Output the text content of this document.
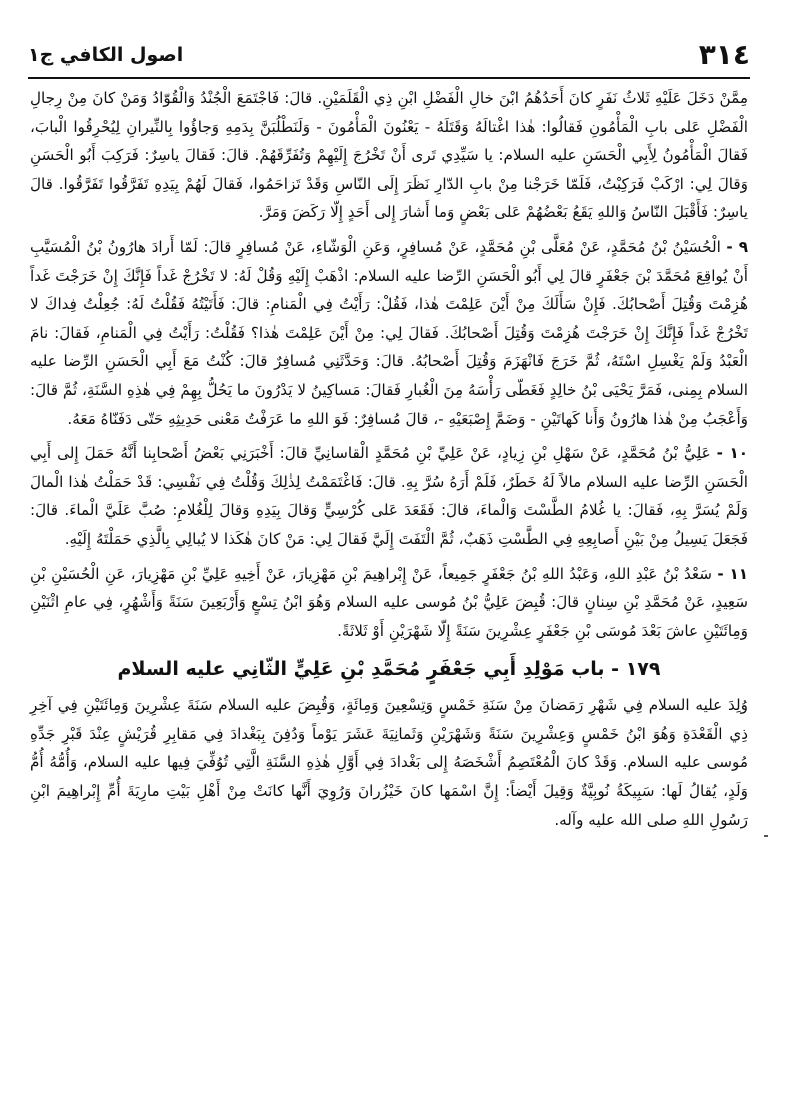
٣١٤
اصول الكافي ج١

مِمَّنْ دَخَلَ عَلَيْهِ ثَلاثُ نَفَرٍ كانَ أَحَدُهُمُ ابْنَ خالِ الْفَضْلِ ابْنِ ذِي الْقَلَمَيْنِ. قالَ: فَاجْتَمَعَ الْجُنْدُ وَالْقُوّادُ وَمَنْ كانَ مِنْ رِجالِ الْفَضْلِ عَلى بابِ الْمَأْمُونِ فَقالُوا: هٰذا اغْتالَهُ وَقَتَلَهُ - يَعْنُونَ الْمَأْمُونَ - وَلَنَطْلُبَنَّ بِدَمِهِ وَجاؤُوا بِالنِّيرانِ لِيُحْرِقُوا الْبابَ، فَقالَ الْمَأْمُونُ لِأَبِي الْحَسَنِ عليه السلام: يا سَيِّدِي تَرى أَنْ تَخْرُجَ إِلَيْهِمْ وَتُفَرِّقَهُمْ. قالَ: فَقالَ ياسِرٌ: فَرَكِبَ أَبُو الْحَسَنِ وَقالَ لِي: ارْكَبْ فَرَكِبْتُ، فَلَمّا خَرَجْنا مِنْ بابِ الدّارِ نَظَرَ إِلَى النّاسِ وَقَدْ تَزاحَمُوا، فَقالَ لَهُمْ بِيَدِهِ تَفَرَّقُوا تَفَرَّقُوا. قالَ ياسِرٌ: فَأَقْبَلَ النّاسُ وَاللهِ يَقَعُ بَعْضُهُمْ عَلى بَعْضٍ وَما أَشارَ إِلى أَحَدٍ إِلّا رَكَضَ وَمَرَّ.

٩ - الْحُسَيْنُ بْنُ مُحَمَّدٍ، عَنْ مُعَلَّى بْنِ مُحَمَّدٍ، عَنْ مُسافِرٍ، وَعَنِ الْوَشّاءِ، عَنْ مُسافِرٍ قالَ: لَمّا أَرادَ هارُونُ بْنُ الْمُسَيَّبِ أَنْ يُواقِعَ مُحَمَّدَ بْنَ جَعْفَرٍ قالَ لِي أَبُو الْحَسَنِ الرِّضا عليه السلام: اذْهَبْ إِلَيْهِ وَقُلْ لَهُ: لا تَخْرُجْ غَداً فَإِنَّكَ إِنْ خَرَجْتَ غَداً هُزِمْتَ وَقُتِلَ أَصْحابُكَ. فَإِنْ سَأَلَكَ مِنْ أَيْنَ عَلِمْتَ هٰذا، فَقُلْ: رَأَيْتُ فِي الْمَنامِ: قالَ: فَأَتَيْتُهُ فَقُلْتُ لَهُ: جُعِلْتُ فِداكَ لا تَخْرُجْ غَداً فَإِنَّكَ إِنْ خَرَجْتَ هُزِمْتَ وَقُتِلَ أَصْحابُكَ. فَقالَ لِي: مِنْ أَيْنَ عَلِمْتَ هٰذا؟ فَقُلْتُ: رَأَيْتُ فِي الْمَنامِ، فَقالَ: نامَ الْعَبْدُ وَلَمْ يَغْسِلِ اسْتَهُ، ثُمَّ خَرَجَ فَانْهَزَمَ وَقُتِلَ أَصْحابُهُ. قالَ: وَحَدَّثَنِي مُسافِرٌ قالَ: كُنْتُ مَعَ أَبِي الْحَسَنِ الرِّضا عليه السلام بِمِنى، فَمَرَّ يَحْيَى بْنُ خالِدٍ فَغَطّى رَأْسَهُ مِنَ الْغُبارِ فَقالَ: مَساكِينُ لا يَدْرُونَ ما يَحُلُّ بِهِمْ فِي هٰذِهِ السَّنَةِ، ثُمَّ قالَ: وَأَعْجَبُ مِنْ هٰذا هارُونُ وَأَنا كَهاتَيْنِ - وَضَمَّ إِصْبَعَيْهِ -، قالَ مُسافِرٌ: فَوَ اللهِ ما عَرَفْتُ مَعْنى حَدِيثِهِ حَتّى دَفَنّاهُ مَعَهُ.

١٠ - عَلِيُّ بْنُ مُحَمَّدٍ، عَنْ سَهْلِ بْنِ زِيادٍ، عَنْ عَلِيِّ بْنِ مُحَمَّدٍ الْقاسانِيِّ قالَ: أَخْبَرَنِي بَعْضُ أَصْحابِنا أَنَّهُ حَمَلَ إِلى أَبِي الْحَسَنِ الرِّضا عليه السلام مالاً لَهُ خَطَرٌ، فَلَمْ أَرَهُ سُرَّ بِهِ. قالَ: فَاغْتَمَمْتُ لِذٰلِكَ وَقُلْتُ فِي نَفْسِي: قَدْ حَمَلْتُ هٰذا الْمالَ وَلَمْ يُسَرَّ بِهِ، فَقالَ: يا غُلامُ الطَّسْتَ وَالْماءَ، قالَ: فَقَعَدَ عَلى كُرْسِيٍّ وَقالَ بِيَدِهِ وَقالَ لِلْغُلامِ: صُبَّ عَلَيَّ الْماءَ. قالَ: فَجَعَلَ يَسِيلُ مِنْ بَيْنِ أَصابِعِهِ فِي الطَّسْتِ ذَهَبٌ، ثُمَّ الْتَفَتَ إِلَيَّ فَقالَ لِي: مَنْ كانَ هٰكَذا لا يُبالِي بِالَّذِي حَمَلْتَهُ إِلَيْهِ.

١١ - سَعْدُ بْنُ عَبْدِ اللهِ، وَعَبْدُ اللهِ بْنُ جَعْفَرٍ جَمِيعاً، عَنْ إِبْراهِيمَ بْنِ مَهْزِيارَ، عَنْ أَخِيهِ عَلِيِّ بْنِ مَهْزِيارَ، عَنِ الْحُسَيْنِ بْنِ سَعِيدٍ، عَنْ مُحَمَّدِ بْنِ سِنانٍ قالَ: قُبِضَ عَلِيُّ بْنُ مُوسى عليه السلام وَهُوَ ابْنُ تِسْعٍ وَأَرْبَعِينَ سَنَةً وَأَشْهُرٍ، فِي عامِ اثْنَيْنِ وَمِائَتَيْنِ عاشَ بَعْدَ مُوسَى بْنِ جَعْفَرٍ عِشْرِينَ سَنَةً إِلّا شَهْرَيْنِ أَوْ ثَلاثَةً.

١٧٩ - باب مَوْلِدِ أَبِي جَعْفَرٍ مُحَمَّدِ بْنِ عَلِيٍّ الثّانِي عليه السلام

وُلِدَ عليه السلام فِي شَهْرِ رَمَضانَ مِنْ سَنَةِ خَمْسٍ وَتِسْعِينَ وَمِائَةٍ، وَقُبِضَ عليه السلام سَنَةَ عِشْرِينَ وَمِائَتَيْنِ فِي آخِرِ ذِي الْقَعْدَةِ وَهُوَ ابْنُ خَمْسٍ وَعِشْرِينَ سَنَةً وَشَهْرَيْنِ وَثَمانِيَةَ عَشَرَ يَوْماً وَدُفِنَ بِبَغْدادَ فِي مَقابِرِ قُرَيْشٍ عِنْدَ قَبْرِ جَدِّهِ مُوسى عليه السلام. وَقَدْ كانَ الْمُعْتَصِمُ أَشْخَصَهُ إِلى بَغْدادَ فِي أَوَّلِ هٰذِهِ السَّنَةِ الَّتِي تُوُفِّيَ فِيها عليه السلام، وَأُمُّهُ أُمُّ وَلَدٍ، يُقالُ لَها: سَبِيكَةُ نُوبِيَّةٌ وَقِيلَ أَيْضاً: إِنَّ اسْمَها كانَ خَيْزُرانَ وَرُوِيَ أَنَّها كانَتْ مِنْ أَهْلِ بَيْتِ مارِيَةَ أُمِّ إِبْراهِيمَ ابْنِ رَسُولِ اللهِ صلى الله عليه وآله.
